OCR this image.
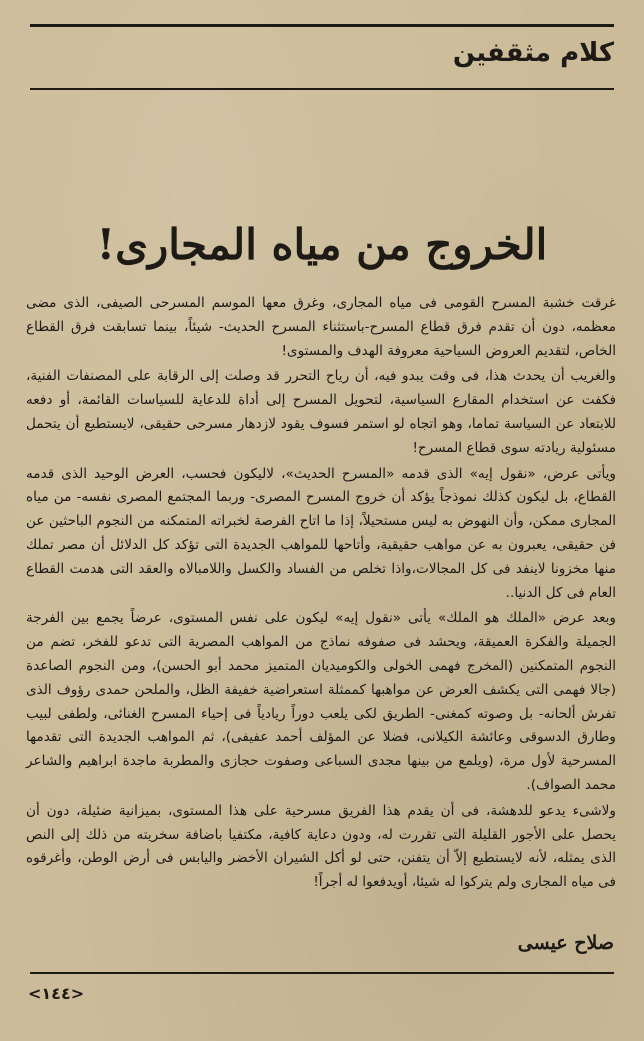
كلام مثقفين
الخروج من مياه المجارى!

غرقت خشبة المسرح القومى فى مياه المجارى، وغرق معها الموسم المسرحى الصيفى، الذى مضى معظمه، دون أن تقدم فرق قطاع المسرح-باستثناء المسرح الحديث- شيئاً، بينما تسابقت فرق القطاع الخاص، لتقديم العروض السياحية معروفة الهدف والمستوى!

والغريب أن يحدث هذا، فى وقت يبدو فيه، أن رياح التحرر قد وصلت إلى الرقابة على المصنفات الفنية، فكفت عن استخدام المقارع السياسية، لتحويل المسرح إلى أداة للدعاية للسياسات القائمة، أو دفعه للابتعاد عن السياسة تماما، وهو اتجاه لو استمر فسوف يقود لازدهار مسرحى حقيقى، لايستطيع أن يتحمل مسئولية ريادته سوى قطاع المسرح!

ويأتى عرض، «نقول إيه» الذى قدمه «المسرح الحديث»، لاليكون فحسب، العرض الوحيد الذى قدمه القطاع، بل ليكون كذلك نموذجاً يؤكد أن خروج المسرح المصرى- وربما المجتمع المصرى نفسه- من مياه المجارى ممكن، وأن النهوض به ليس مستحيلاً، إذا ما اتاح الفرصة لخبراته المتمكنه من النجوم الباحثين عن فن حقيقى، يعبرون به عن مواهب حقيقية، وأتاحها للمواهب الجديدة التى تؤكد كل الدلائل أن مصر تملك منها مخزونا لاينفد فى كل المجالات،واذا تخلص من الفساد والكسل واللامبالاه والعقد التى هدمت القطاع العام فى كل الدنيا..

وبعد عرض «الملك هو الملك» يأتى «نقول إيه» ليكون على نفس المستوى، عرضاً يجمع بين الفرجة الجميلة والفكرة العميقة، ويحشد فى صفوفه نماذج من المواهب المصرية التى تدعو للفخر، تضم من النجوم المتمكنين (المخرج فهمى الخولى والكوميديان المتميز محمد أبو الحسن)، ومن النجوم الصاعدة (جالا فهمى التى يكشف العرض عن مواهبها كممثلة استعراضية خفيفة الظل، والملحن حمدى رؤوف الذى تفرش ألحانه- بل وصوته كمغنى- الطريق لكى يلعب دوراً ريادياً فى إحياء المسرح الغنائى، ولطفى لبيب وطارق الدسوقى وعائشة الكيلانى، فضلا عن المؤلف أحمد عفيفى)، ثم المواهب الجديدة التى تقدمها المسرحية لأول مرة، (ويلمع من بينها مجدى السباعى وصفوت حجازى والمطربة ماجدة ابراهيم والشاعر محمد الصواف).

ولاشىء يدعو للدهشة، فى أن يقدم هذا الفريق مسرحية على هذا المستوى، بميزانية ضئيلة، دون أن يحصل على الأجور القليلة التى تقررت له، ودون دعاية كافية، مكتفيا باضافة سخريته من ذلك إلى النص الذى يمثله، لأنه لايستطيع إلاّ أن يتفنن، حتى لو أكل الشيران الأخضر واليابس فى أرض الوطن، وأغرقوه فى مياه المجارى ولم يتركوا له شيئا، أويدفعوا له أجراً!

صلاح عيسى
<١٤٤>
